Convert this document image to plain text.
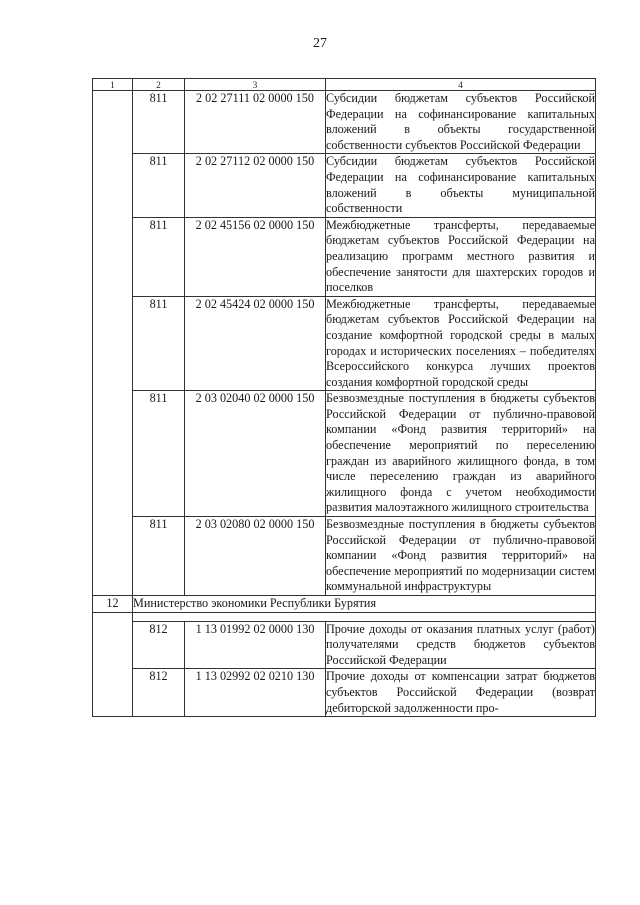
27
1	2	3	4
	811	2 02 27111 02 0000 150	Субсидии бюджетам субъектов Российской Федерации на софинансирование капитальных вложений в объекты государственной собственности субъектов Российской Федерации
	811	2 02 27112 02 0000 150	Субсидии бюджетам субъектов Российской Федерации на софинансирование капитальных вложений в объекты муниципальной собственности
	811	2 02 45156 02 0000 150	Межбюджетные трансферты, передаваемые бюджетам субъектов Российской Федерации на реализацию программ местного развития и обеспечение занятости для шахтерских городов и поселков
	811	2 02 45424 02 0000 150	Межбюджетные трансферты, передаваемые бюджетам субъектов Российской Федерации на создание комфортной городской среды в малых городах и исторических поселениях – победителях Всероссийского конкурса лучших проектов создания комфортной городской среды
	811	2 03 02040 02 0000 150	Безвозмездные поступления в бюджеты субъектов Российской Федерации от публично-правовой компании «Фонд развития территорий» на обеспечение мероприятий по переселению граждан из аварийного жилищного фонда, в том числе переселению граждан из аварийного жилищного фонда с учетом необходимости развития малоэтажного жилищного строительства
	811	2 03 02080 02 0000 150	Безвозмездные поступления в бюджеты субъектов Российской Федерации от публично-правовой компании «Фонд развития территорий» на обеспечение мероприятий по модернизации систем коммунальной инфраструктуры
12	Министерство экономики Республики Бурятия		

	812	1 13 01992 02 0000 130	Прочие доходы от оказания платных услуг (работ) получателями средств бюджетов субъектов Российской Федерации
	812	1 13 02992 02 0210 130	Прочие доходы от компенсации затрат бюджетов субъектов Российской Федерации (возврат дебиторской задолженности про-
